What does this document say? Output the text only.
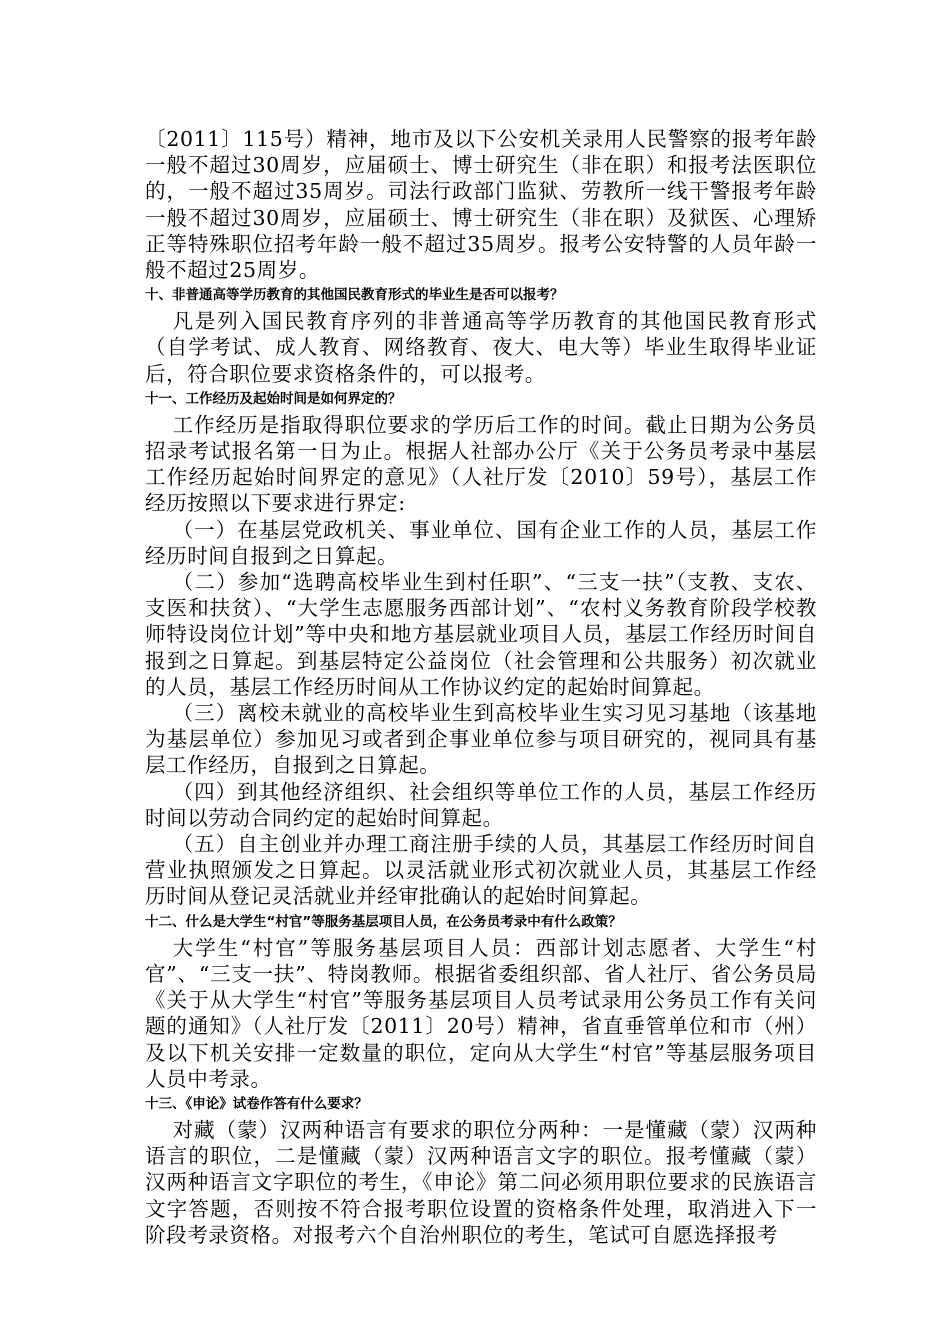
〔2011〕115号）精神，地市及以下公安机关录用人民警察的报考年龄一般不超过30周岁，应届硕士、博士研究生（非在职）和报考法医职位的，一般不超过35周岁。司法行政部门监狱、劳教所一线干警报考年龄一般不超过30周岁，应届硕士、博士研究生（非在职）及狱医、心理矫正等特殊职位招考年龄一般不超过35周岁。报考公安特警的人员年龄一般不超过25周岁。

十、非普通高等学历教育的其他国民教育形式的毕业生是否可以报考？

凡是列入国民教育序列的非普通高等学历教育的其他国民教育形式（自学考试、成人教育、网络教育、夜大、电大等）毕业生取得毕业证后，符合职位要求资格条件的，可以报考。

十一、工作经历及起始时间是如何界定的？

工作经历是指取得职位要求的学历后工作的时间。截止日期为公务员招录考试报名第一日为止。根据人社部办公厅《关于公务员考录中基层工作经历起始时间界定的意见》（人社厅发〔2010〕59号），基层工作经历按照以下要求进行界定:

（一）在基层党政机关、事业单位、国有企业工作的人员，基层工作经历时间自报到之日算起。

（二）参加“选聘高校毕业生到村任职”、“三支一扶”（支教、支农、支医和扶贫）、“大学生志愿服务西部计划”、“农村义务教育阶段学校教师特设岗位计划”等中央和地方基层就业项目人员，基层工作经历时间自报到之日算起。到基层特定公益岗位（社会管理和公共服务）初次就业的人员，基层工作经历时间从工作协议约定的起始时间算起。

（三）离校未就业的高校毕业生到高校毕业生实习见习基地（该基地为基层单位）参加见习或者到企事业单位参与项目研究的，视同具有基层工作经历，自报到之日算起。

（四）到其他经济组织、社会组织等单位工作的人员，基层工作经历时间以劳动合同约定的起始时间算起。

（五）自主创业并办理工商注册手续的人员，其基层工作经历时间自营业执照颁发之日算起。以灵活就业形式初次就业人员，其基层工作经历时间从登记灵活就业并经审批确认的起始时间算起。

十二、什么是大学生“村官”等服务基层项目人员，在公务员考录中有什么政策？

大学生“村官”等服务基层项目人员：西部计划志愿者、大学生“村官”、“三支一扶”、特岗教师。根据省委组织部、省人社厅、省公务员局《关于从大学生“村官”等服务基层项目人员考试录用公务员工作有关问题的通知》（人社厅发〔2011〕20号）精神，省直垂管单位和市（州）及以下机关安排一定数量的职位，定向从大学生“村官”等基层服务项目人员中考录。

十三、《申论》试卷作答有什么要求？

对藏（蒙）汉两种语言有要求的职位分两种：一是懂藏（蒙）汉两种语言的职位，二是懂藏（蒙）汉两种语言文字的职位。报考懂藏（蒙）汉两种语言文字职位的考生，《申论》第二问必须用职位要求的民族语言文字答题，否则按不符合报考职位设置的资格条件处理，取消进入下一阶段考录资格。对报考六个自治州职位的考生，笔试可自愿选择报考
